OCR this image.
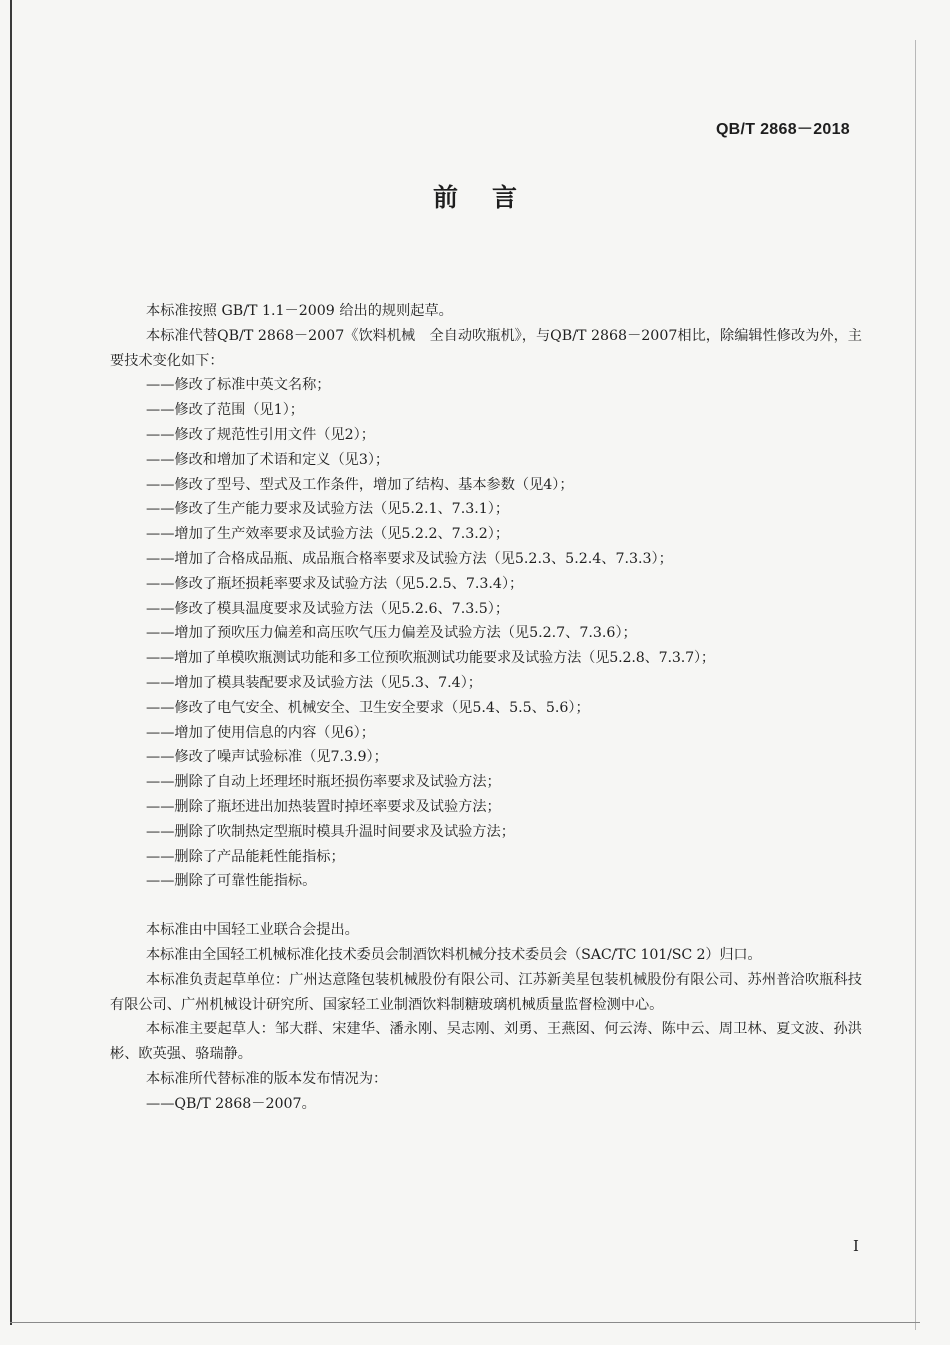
QB/T 2868－2018
前言

本标准按照 GB/T 1.1－2009 给出的规则起草。

本标准代替QB/T 2868－2007《饮料机械　全自动吹瓶机》，与QB/T 2868－2007相比，除编辑性修改为外，主要技术变化如下：

——修改了标准中英文名称；

——修改了范围（见1）；

——修改了规范性引用文件（见2）；

——修改和增加了术语和定义（见3）；

——修改了型号、型式及工作条件，增加了结构、基本参数（见4）；

——修改了生产能力要求及试验方法（见5.2.1、7.3.1）；

——增加了生产效率要求及试验方法（见5.2.2、7.3.2）；

——增加了合格成品瓶、成品瓶合格率要求及试验方法（见5.2.3、5.2.4、7.3.3）；

——修改了瓶坯损耗率要求及试验方法（见5.2.5、7.3.4）；

——修改了模具温度要求及试验方法（见5.2.6、7.3.5）；

——增加了预吹压力偏差和高压吹气压力偏差及试验方法（见5.2.7、7.3.6）；

——增加了单模吹瓶测试功能和多工位预吹瓶测试功能要求及试验方法（见5.2.8、7.3.7）；

——增加了模具装配要求及试验方法（见5.3、7.4）；

——修改了电气安全、机械安全、卫生安全要求（见5.4、5.5、5.6）；

——增加了使用信息的内容（见6）；

——修改了噪声试验标准（见7.3.9）；

——删除了自动上坯理坯时瓶坯损伤率要求及试验方法；

——删除了瓶坯进出加热装置时掉坯率要求及试验方法；

——删除了吹制热定型瓶时模具升温时间要求及试验方法；

——删除了产品能耗性能指标；

——删除了可靠性能指标。

本标准由中国轻工业联合会提出。

本标准由全国轻工机械标准化技术委员会制酒饮料机械分技术委员会（SAC/TC 101/SC 2）归口。

本标准负责起草单位：广州达意隆包装机械股份有限公司、江苏新美星包装机械股份有限公司、苏州普洽吹瓶科技有限公司、广州机械设计研究所、国家轻工业制酒饮料制糖玻璃机械质量监督检测中心。

本标准主要起草人：邹大群、宋建华、潘永刚、吴志刚、刘勇、王燕囡、何云涛、陈中云、周卫林、夏文波、孙洪彬、欧英强、骆瑞静。

本标准所代替标准的版本发布情况为：

——QB/T 2868－2007。

I
